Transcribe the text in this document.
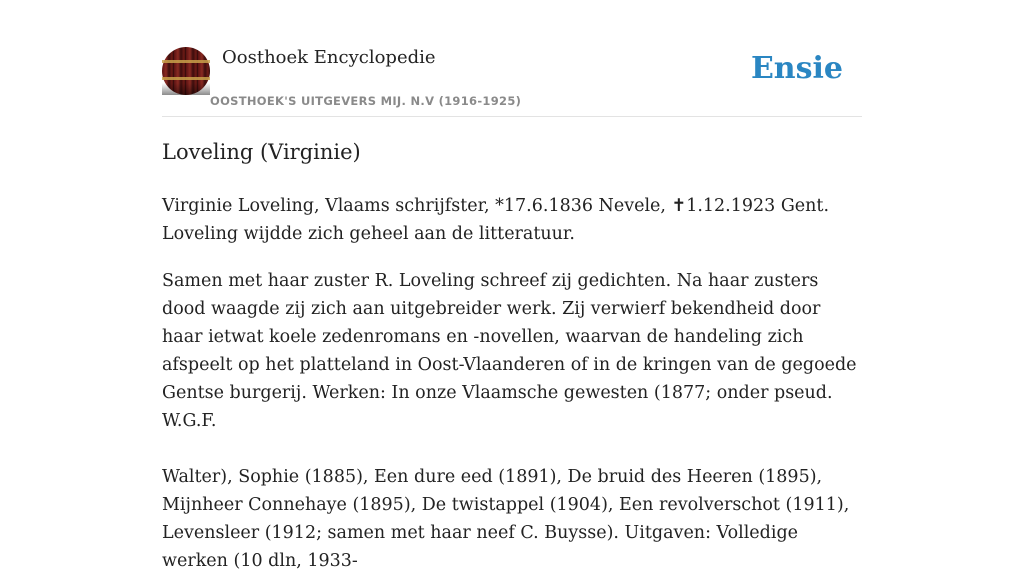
Oosthoek Encyclopedie
OOSTHOEK'S UITGEVERS MIJ. N.V (1916-1925)
Ensie
Loveling (Virginie)

Virginie Loveling, Vlaams schrijfster, *17.6.1836 Nevele, ✝1.12.1923 Gent. Loveling wijdde zich geheel aan de litteratuur.

Samen met haar zuster R. Loveling schreef zij gedichten. Na haar zusters dood waagde zij zich aan uitgebreider werk. Zij verwierf bekendheid door haar ietwat koele zedenromans en -novellen, waarvan de handeling zich afspeelt op het platteland in Oost-Vlaanderen of in de kringen van de gegoede Gentse burgerij. Werken: In onze Vlaamsche gewesten (1877; onder pseud. W.G.F.

Walter), Sophie (1885), Een dure eed (1891), De bruid des Heeren (1895), Mijnheer Connehaye (1895), De twistappel (1904), Een revolverschot (1911), Levensleer (1912; samen met haar neef C. Buysse). Uitgaven: Volledige werken (10 dln, 1933-
